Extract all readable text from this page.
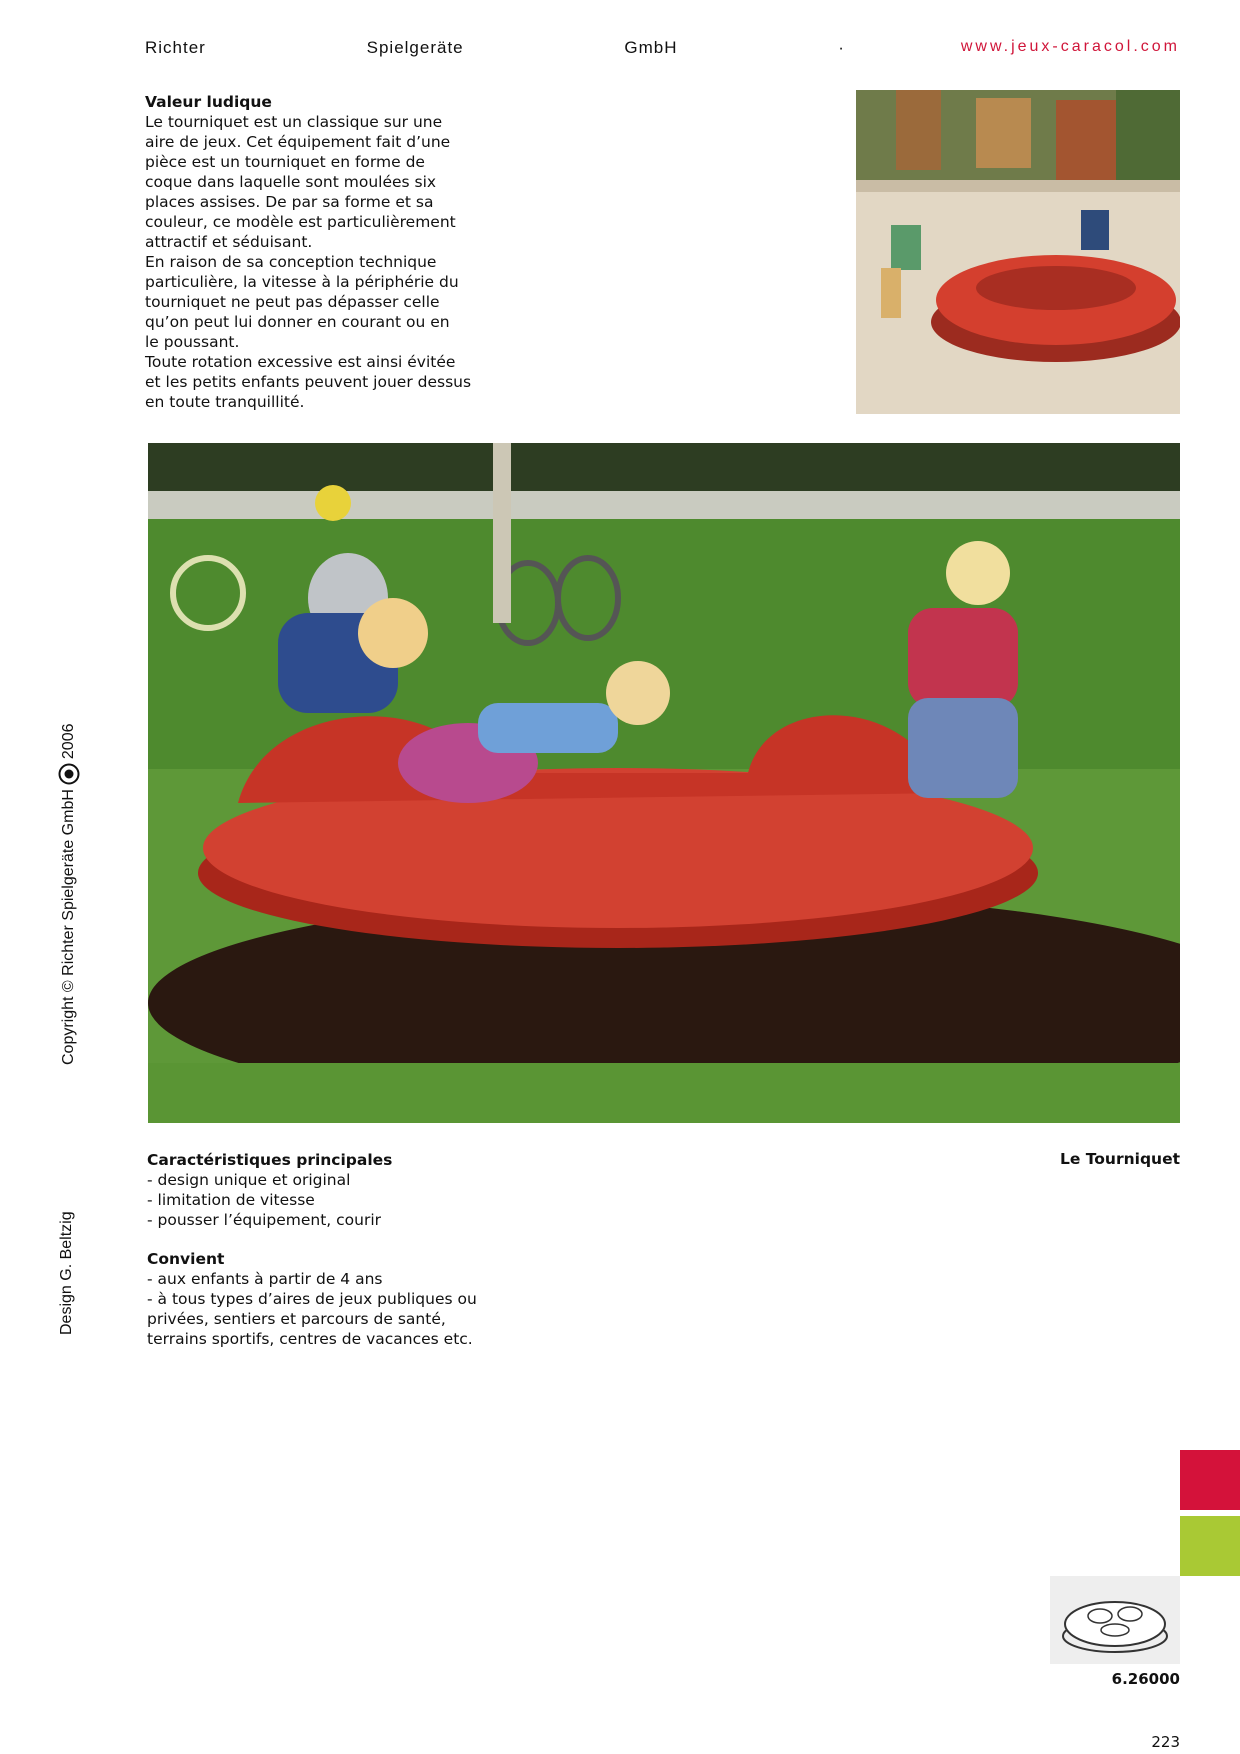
Richter	Spielgeräte	GmbH	·	www.jeux-caracol.com
Valeur ludique

Le tourniquet est un classique sur une
aire de jeux. Cet équipement fait d’une
pièce est un tourniquet en forme de
coque dans laquelle sont moulées six
places assises. De par sa forme et sa
couleur, ce modèle est particulièrement
attractif et séduisant.
En raison de sa conception technique
particulière, la vitesse à la périphérie du
tourniquet ne peut pas dépasser celle
qu’on peut lui donner en courant ou en
le poussant.
Toute rotation excessive est ainsi évitée
et les petits enfants peuvent jouer dessus
en toute tranquillité.

Copyright © Richter Spielgeräte GmbH
2006
Design G. Beltzig
Caractéristiques principales
- design unique et original
- limitation de vitesse
- pousser l’équipement, courir
Convient
- aux enfants à partir de 4 ans
- à tous types d’aires de jeux publiques ou
privées, sentiers et parcours de santé,
terrains sportifs, centres de vacances etc.
Le Tourniquet
6.26000
223
